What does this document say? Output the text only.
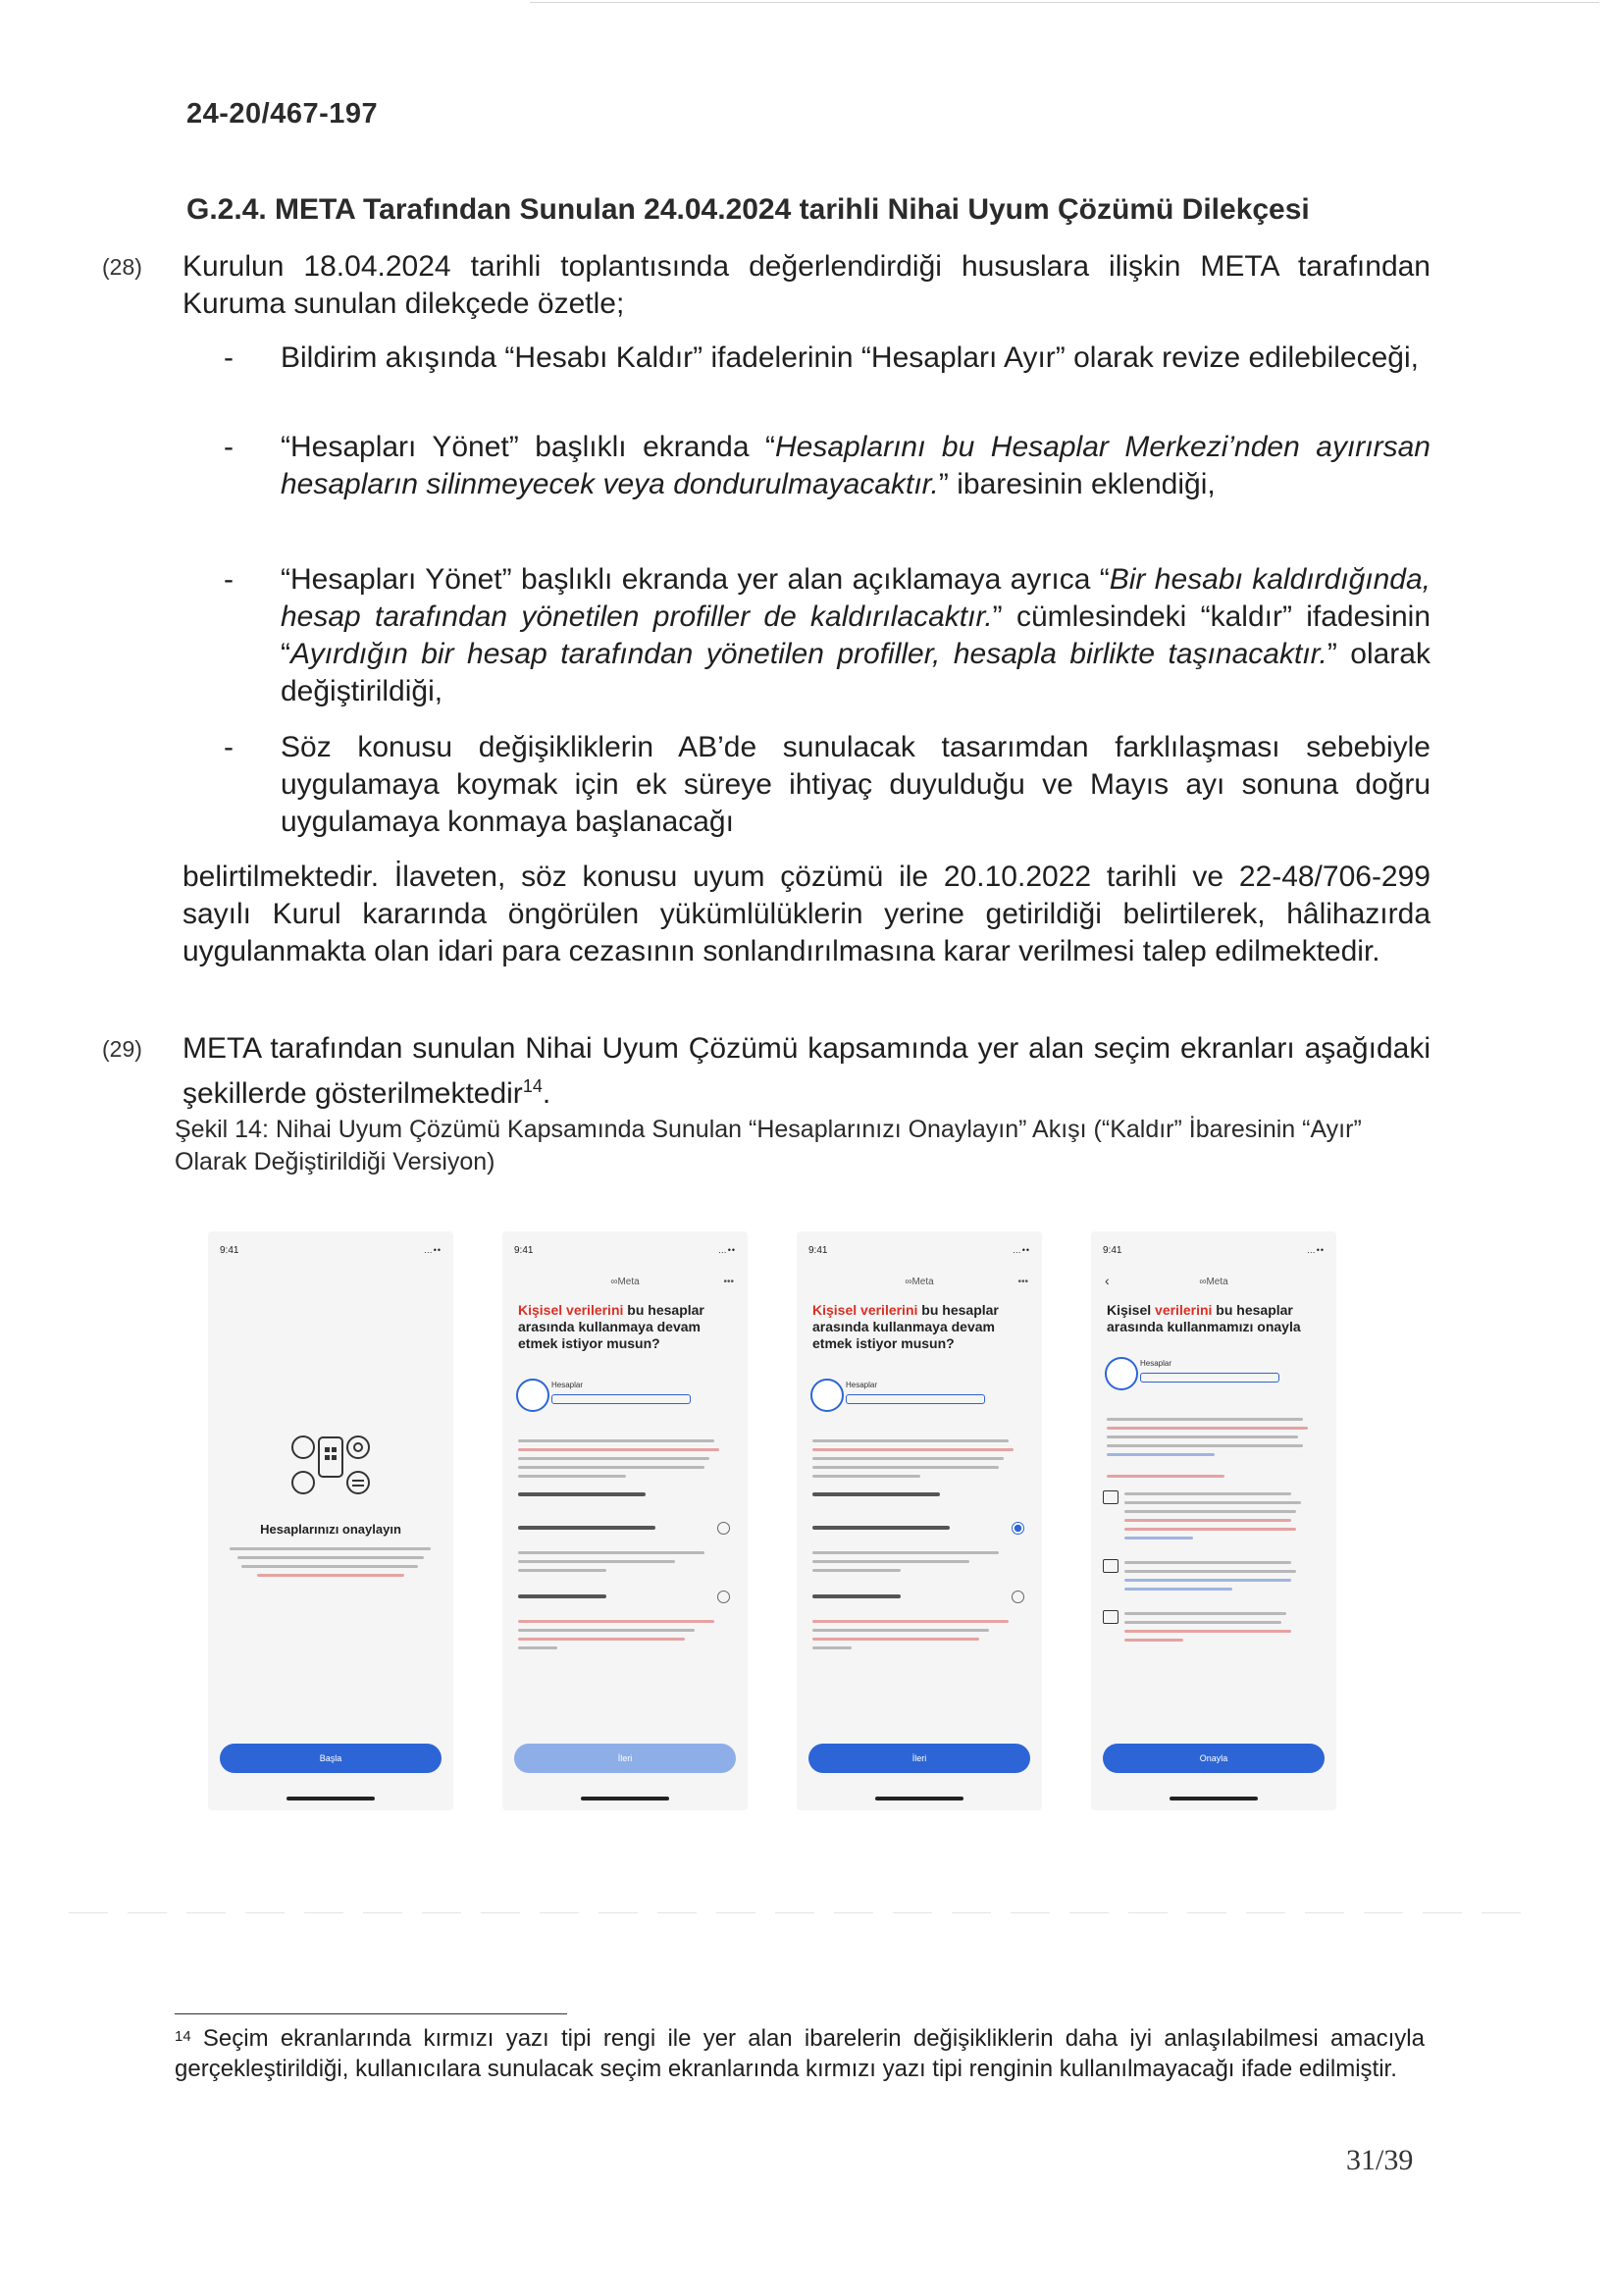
24-20/467-197
G.2.4. META Tarafından Sunulan 24.04.2024 tarihli Nihai Uyum Çözümü Dilekçesi
(28) Kurulun 18.04.2024 tarihli toplantısında değerlendirdiği hususlara ilişkin META tarafından Kuruma sunulan dilekçede özetle;
- Bildirim akışında “Hesabı Kaldır” ifadelerinin “Hesapları Ayır” olarak revize edilebileceği,
- “Hesapları Yönet” başlıklı ekranda “Hesaplarını bu Hesaplar Merkezi’nden ayırırsan hesapların silinmeyecek veya dondurulmayacaktır.” ibaresinin eklendiği,
- “Hesapları Yönet” başlıklı ekranda yer alan açıklamaya ayrıca “Bir hesabı kaldırdığında, hesap tarafından yönetilen profiller de kaldırılacaktır.” cümlesindeki “kaldır” ifadesinin “Ayırdığın bir hesap tarafından yönetilen profiller, hesapla birlikte taşınacaktır.” olarak değiştirildiği,
- Söz konusu değişikliklerin AB’de sunulacak tasarımdan farklılaşması sebebiyle uygulamaya koymak için ek süreye ihtiyaç duyulduğu ve Mayıs ayı sonuna doğru uygulamaya konmaya başlanacağı
belirtilmektedir. İlaveten, söz konusu uyum çözümü ile 20.10.2022 tarihli ve 22-48/706-299 sayılı Kurul kararında öngörülen yükümlülüklerin yerine getirildiği belirtilerek, hâlihazırda uygulanmakta olan idari para cezasının sonlandırılmasına karar verilmesi talep edilmektedir.
(29) META tarafından sunulan Nihai Uyum Çözümü kapsamında yer alan seçim ekranları aşağıdaki şekillerde gösterilmektedir$^{14}$.
Şekil 14: Nihai Uyum Çözümü Kapsamında Sunulan “Hesaplarınızı Onaylayın” Akışı (“Kaldır” İbaresinin “Ayır” Olarak Değiştirildiği Versiyon)
9:41	…••
Hesaplarınızı onaylayın
Başla
9:41	…••
∞Meta	•••
Kişisel verilerini bu hesaplar arasında kullanmaya devam etmek istiyor musun?
Hesaplar
İleri
9:41	…••
∞Meta	•••
Kişisel verilerini bu hesaplar arasında kullanmaya devam etmek istiyor musun?
Hesaplar
İleri
9:41	…••
‹	∞Meta
Kişisel verilerini bu hesaplar arasında kullanmamızı onayla
Hesaplar
Onayla
$^{14}$ Seçim ekranlarında kırmızı yazı tipi rengi ile yer alan ibarelerin değişikliklerin daha iyi anlaşılabilmesi amacıyla gerçekleştirildiği, kullanıcılara sunulacak seçim ekranlarında kırmızı yazı tipi renginin kullanılmayacağı ifade edilmiştir.
31/39
